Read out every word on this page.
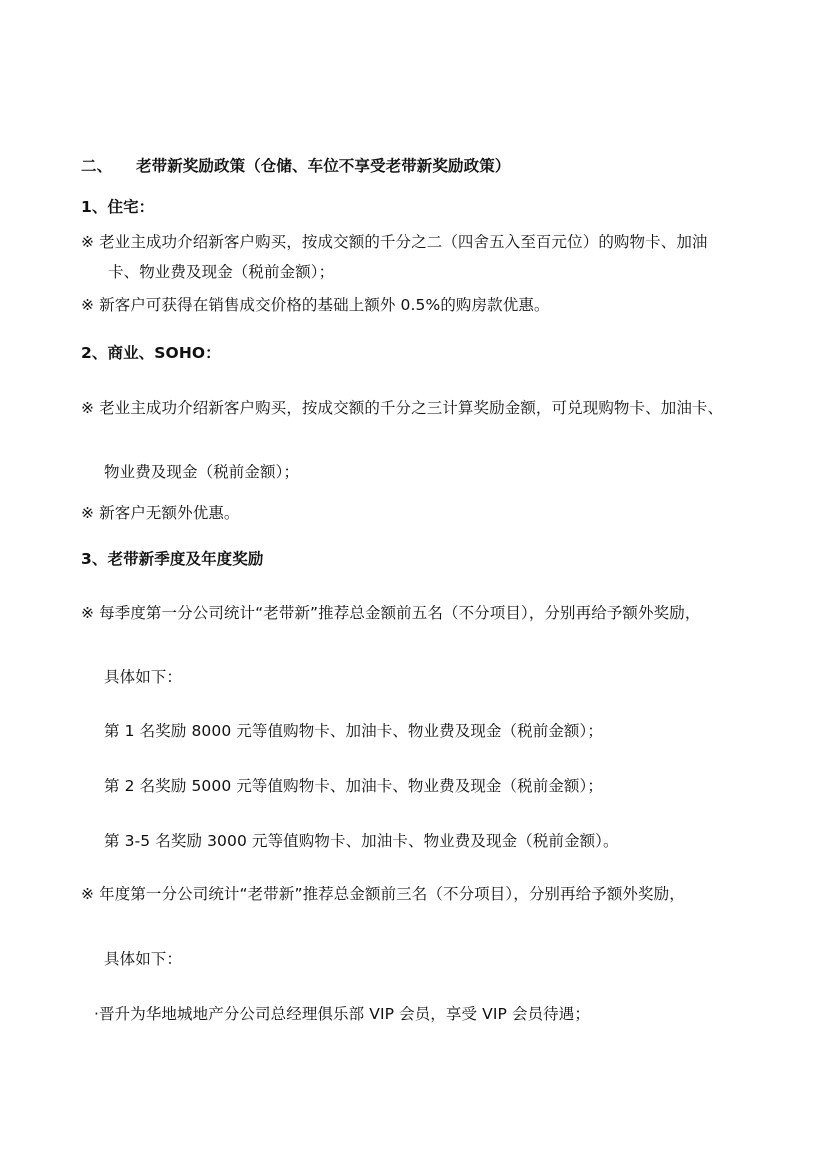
二、 老带新奖励政策（仓储、车位不享受老带新奖励政策）
1、住宅：
※ 老业主成功介绍新客户购买，按成交额的千分之二（四舍五入至百元位）的购物卡、加油
卡、物业费及现金（税前金额）；
※ 新客户可获得在销售成交价格的基础上额外 0.5%的购房款优惠。
2、商业、SOHO：
※ 老业主成功介绍新客户购买，按成交额的千分之三计算奖励金额，可兑现购物卡、加油卡、
物业费及现金（税前金额）；
※ 新客户无额外优惠。
3、老带新季度及年度奖励
※ 每季度第一分公司统计“老带新”推荐总金额前五名（不分项目），分别再给予额外奖励，
具体如下：
第 1 名奖励 8000 元等值购物卡、加油卡、物业费及现金（税前金额）；
第 2 名奖励 5000 元等值购物卡、加油卡、物业费及现金（税前金额）；
第 3-5 名奖励 3000 元等值购物卡、加油卡、物业费及现金（税前金额）。
※ 年度第一分公司统计“老带新”推荐总金额前三名（不分项目），分别再给予额外奖励，
具体如下：
·晋升为华地城地产分公司总经理俱乐部 VIP 会员，享受 VIP 会员待遇；
